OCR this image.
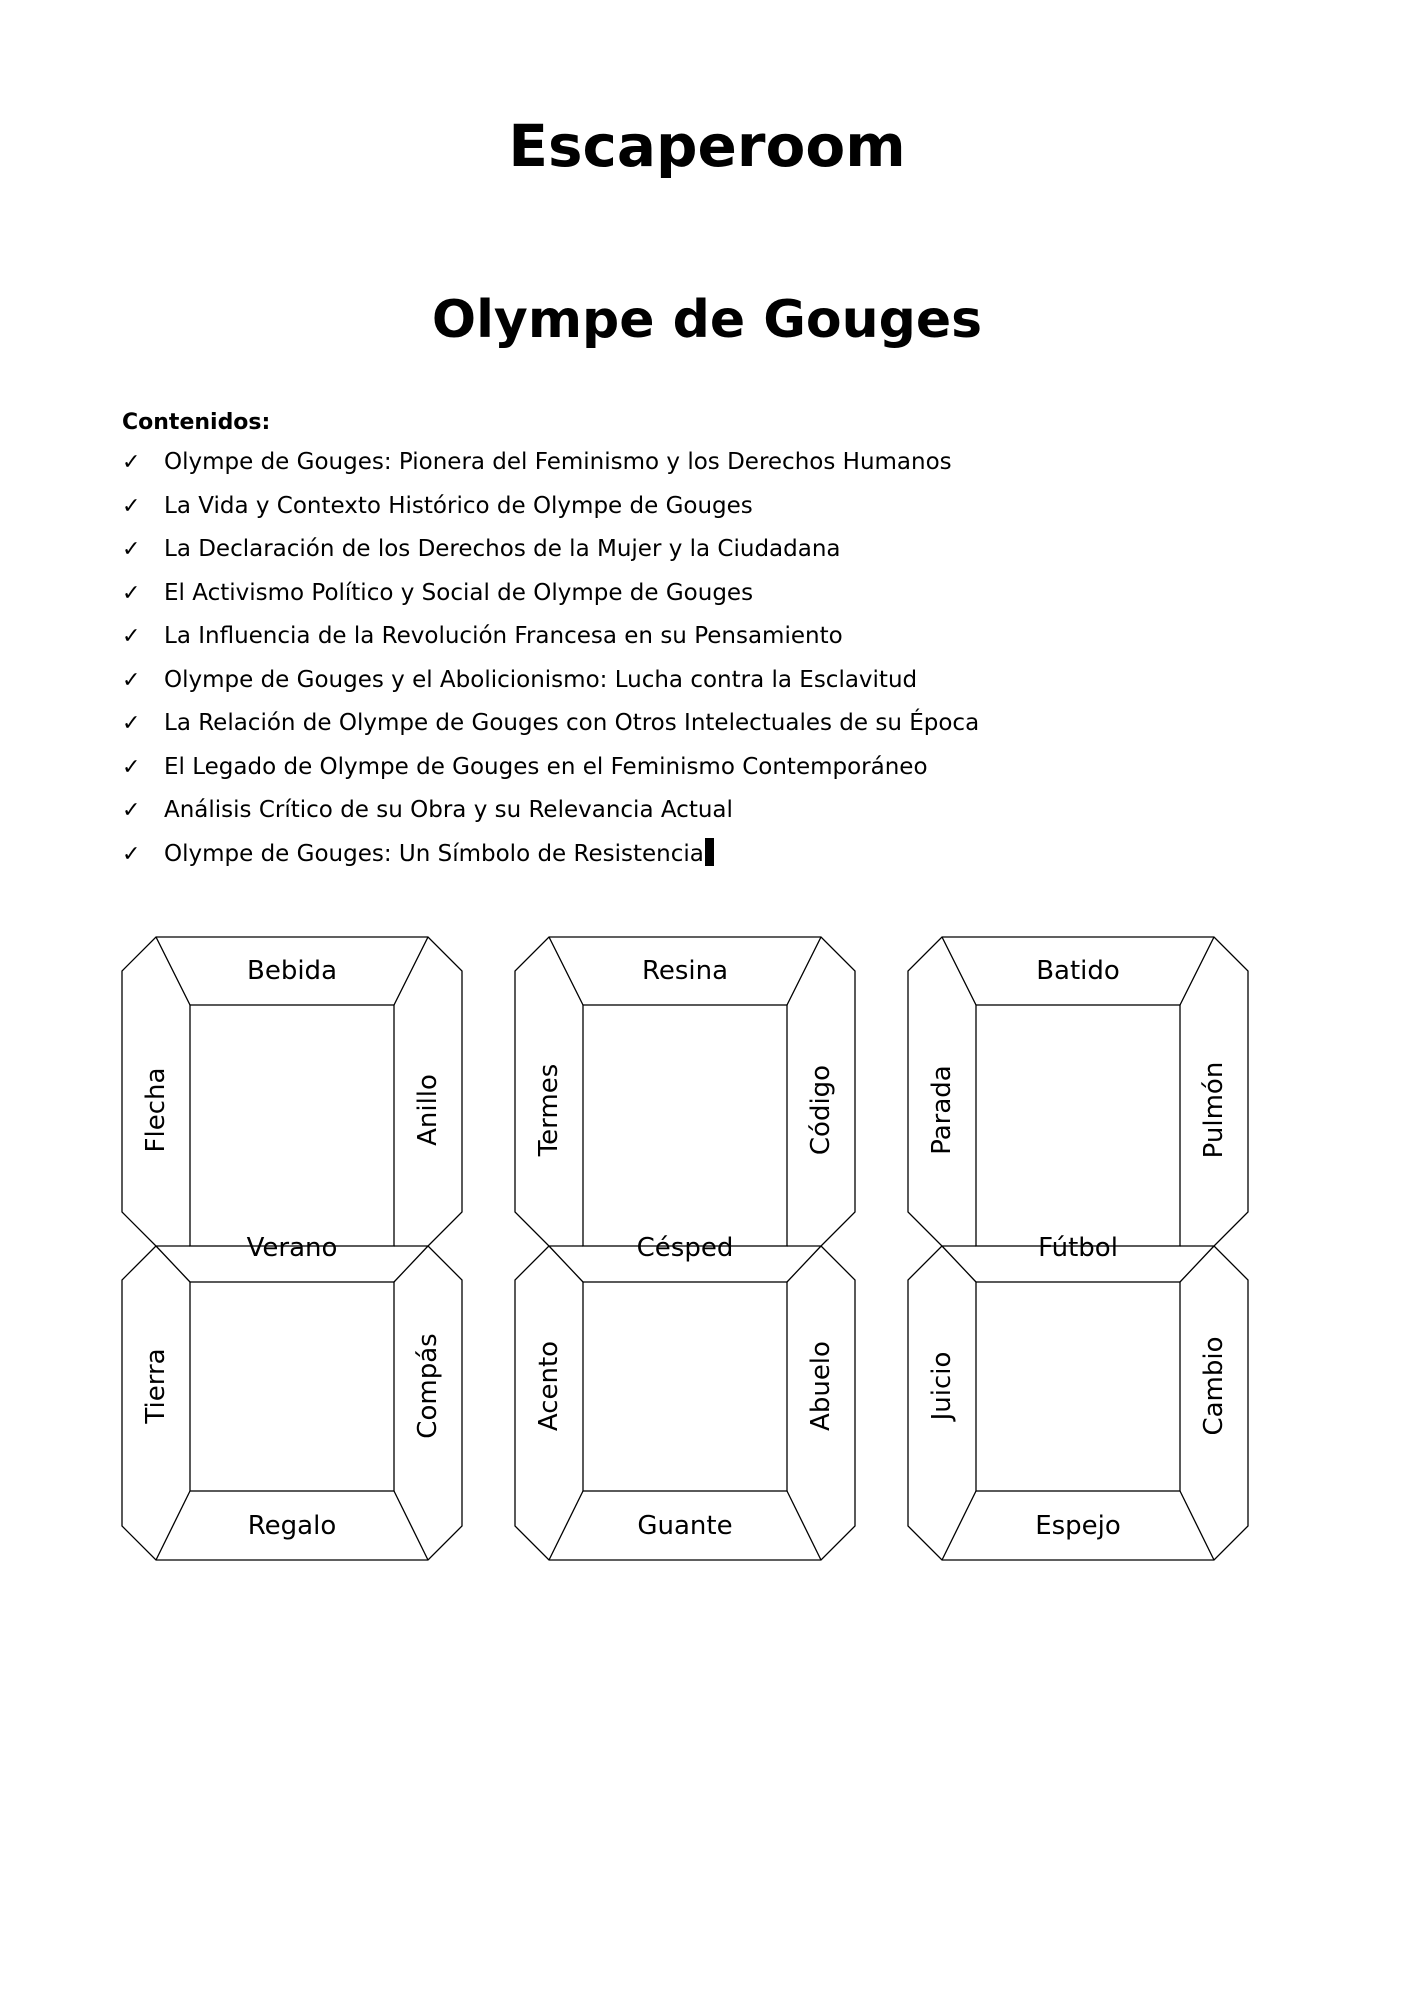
Escaperoom
Olympe de Gouges

Contenidos:

✓ Olympe de Gouges: Pionera del Feminismo y los Derechos Humanos
✓ La Vida y Contexto Histórico de Olympe de Gouges
✓ La Declaración de los Derechos de la Mujer y la Ciudadana
✓ El Activismo Político y Social de Olympe de Gouges
✓ La Influencia de la Revolución Francesa en su Pensamiento
✓ Olympe de Gouges y el Abolicionismo: Lucha contra la Esclavitud
✓ La Relación de Olympe de Gouges con Otros Intelectuales de su Época
✓ El Legado de Olympe de Gouges en el Feminismo Contemporáneo
✓ Análisis Crítico de su Obra y su Relevancia Actual
✓ Olympe de Gouges: Un Símbolo de Resistencia
Bebida
Verano
Regalo
Flecha	Anillo
Tierra	Compás
Resina
Césped
Guante
Termes	Código
Acento	Abuelo
Batido
Fútbol
Espejo
Parada	Pulmón
Juicio	Cambio
